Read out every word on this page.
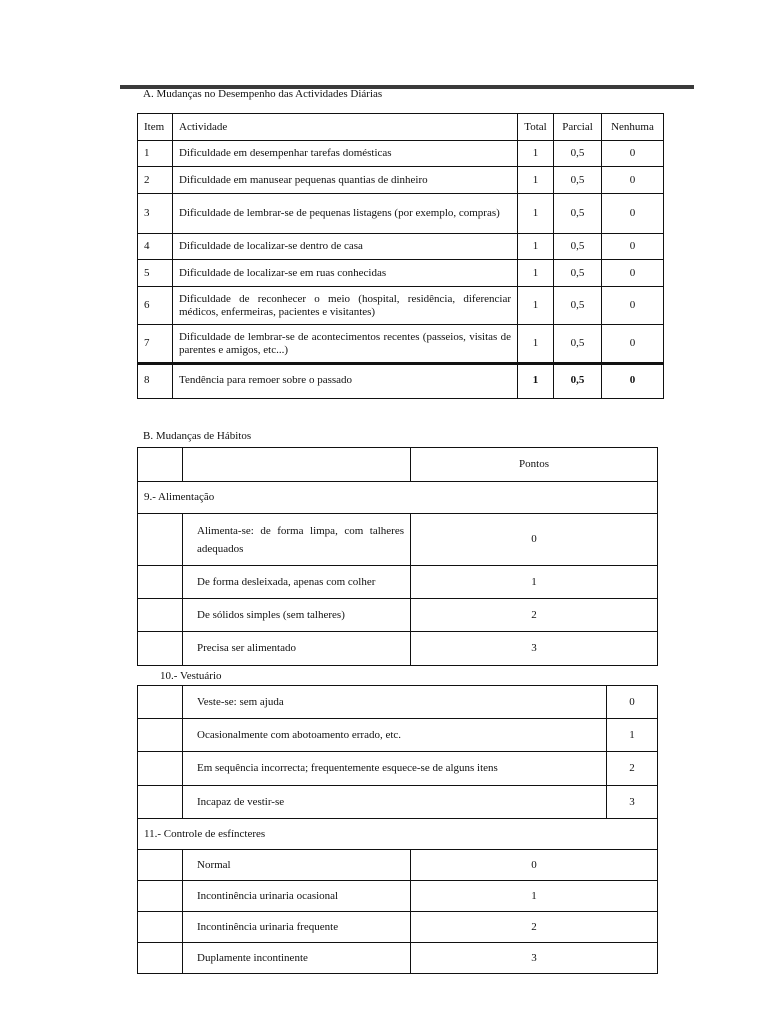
A. Mudanças no Desempenho das Actividades Diárias
Item	Actividade	Total	Parcial	Nenhuma
1	Dificuldade em desempenhar tarefas domésticas	1	0,5	0
2	Dificuldade em manusear pequenas quantias de dinheiro	1	0,5	0
3	Dificuldade de lembrar-se de pequenas listagens (por exemplo, compras)	1	0,5	0
4	Dificuldade de localizar-se dentro de casa	1	0,5	0
5	Dificuldade de localizar-se em ruas conhecidas	1	0,5	0
6	Dificuldade de reconhecer o meio (hospital, residência, diferenciar médicos, enfermeiras, pacientes e visitantes)	1	0,5	0
7	Dificuldade de lembrar-se de acontecimentos recentes (passeios, visitas de parentes e amigos, etc...)	1	0,5	0
8	Tendência para remoer sobre o passado	1	0,5	0
B. Mudanças de Hábitos
		Pontos
9.- Alimentação		
	Alimenta-se: de forma limpa, com talheres adequados	0
	De forma desleixada, apenas com colher	1
	De sólidos simples (sem talheres)	2
	Precisa ser alimentado	3
10.- Vestuário
	Veste-se: sem ajuda	0
	Ocasionalmente com abotoamento errado, etc.	1
	Em sequência incorrecta; frequentemente esquece-se de alguns itens	2
	Incapaz de vestir-se	3
11.- Controle de esfíncteres		
	Normal	0
	Incontinência urinaria ocasional	1
	Incontinência urinaria frequente	2
	Duplamente incontinente	3
